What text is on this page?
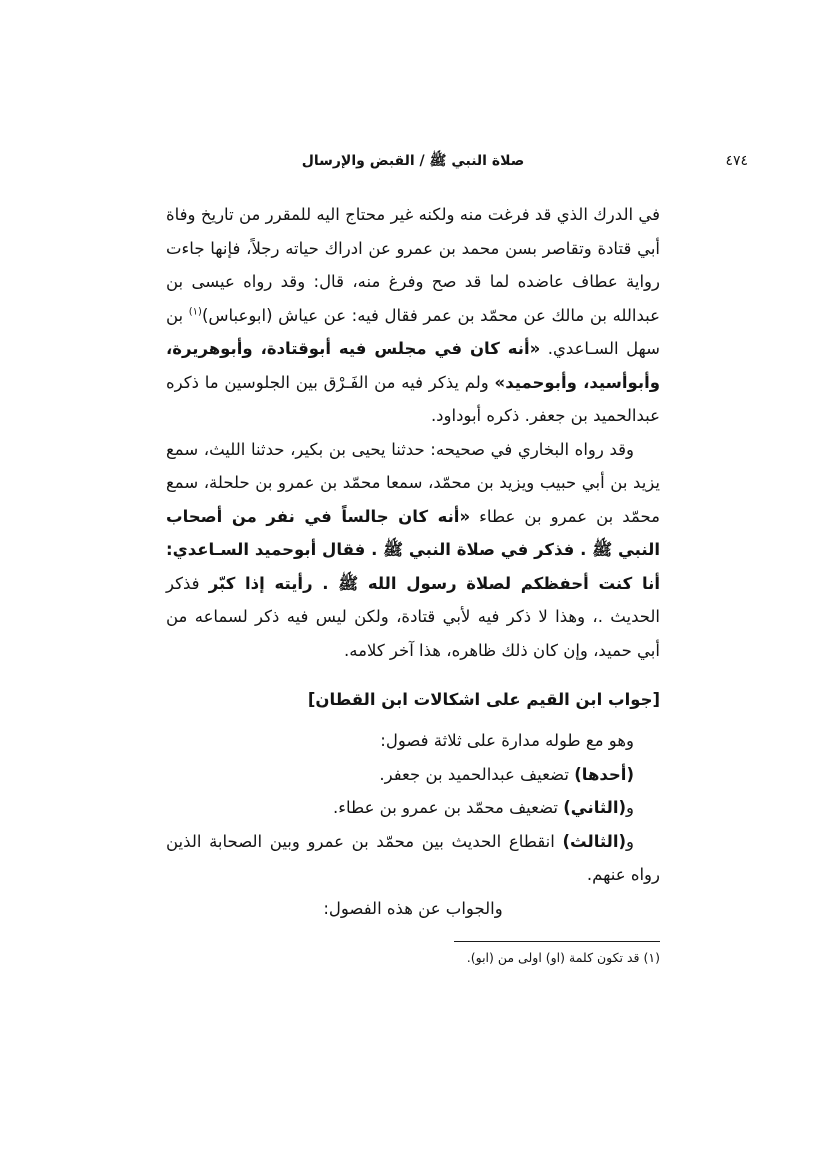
صلاة النبي ﷺ / القبض والإرسال	٤٧٤

في الدرك الذي قد فرغت منه ولكنه غير محتاج اليه للمقرر من تاريخ وفاة أبي قتادة وتقاصر بسن محمد بن عمرو عن ادراك حياته رجلاً، فإنها جاءت رواية عطاف عاضده لما قد صح وفرغ منه، قال: وقد رواه عيسى بن عبدالله بن مالك عن محمّد بن عمر فقال فيه: عن عياش (ابوعباس)$^{(١)}$ بن سهل السـاعدي. «أنه كان في مجلس فيه أبوقتادة، وأبوهريرة، وأبوأسيد، وأبوحميد» ولم يذكر فيه من الفَـرْق بين الجلوسين ما ذكره عبدالحميد بن جعفر. ذكره أبوداود.

وقد رواه البخاري في صحيحه: حدثنا يحيى بن بكير، حدثنا الليث، سمع يزيد بن أبي حبيب ويزيد بن محمّد، سمعا محمّد بن عمرو بن حلحلة، سمع محمّد بن عمرو بن عطاء «أنه كان جالساً في نفر من أصحاب النبي ﷺ . فذكر في صلاة النبي ﷺ . فقال أبوحميد السـاعدي: أنا كنت أحفظكم لصلاة رسول الله ﷺ . رأيته إذا كبّر فذكر الحديث .، وهذا لا ذكر فيه لأبي قتادة، ولكن ليس فيه ذكر لسماعه من أبي حميد، وإن كان ذلك ظاهره، هذا آخر كلامه.

[جواب ابن القيم على اشكالات ابن القطان]

وهو مع طوله مدارة على ثلاثة فصول:

(أحدها) تضعيف عبدالحميد بن جعفر.

و(الثاني) تضعيف محمّد بن عمرو بن عطاء.

و(الثالث) انقطاع الحديث بين محمّد بن عمرو وبين الصحابة الذين رواه عنهم.

والجواب عن هذه الفصول:

(١) قد تكون كلمة (او) اولى من (ابو).
